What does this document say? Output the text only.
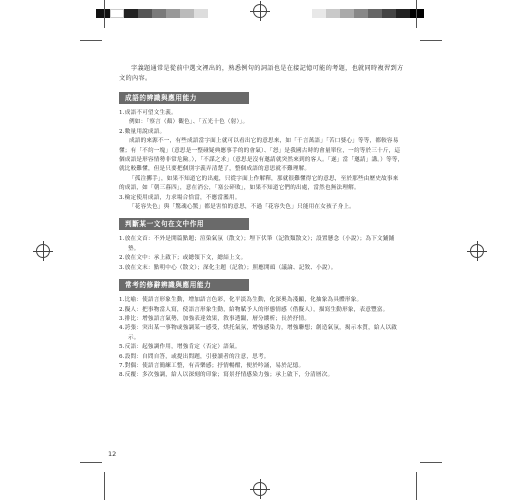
字義題通常是從前中選文裡出的，熟悉例句的詞語也是在接記憶可能的考題，也就同時複習到方文的內容。

成語的辨識與應用能力

1.成語不可望文生義。

例如：「察言（顏）觀色」、「五光十色（射）」。

2.數量用說成語。

成語的來源不一，有些成語當字面上就可以看出它的意思來，如「千言萬語」「苦口婆心」等等，都較容易懂；有「不約一塊」（意思是一整碰疑典應事手的的會氣）、「怒」是我國古時的會量單位，一約等於三十斤，這個成語是形容情勢非常危險。），「不謀之求」（意思是沒有邀請就突然來到的客人。「遂」當「邀請」講。）等等，就比較難懂，但是只要把個別字義弄清楚了，整個成語的意思就不難理解。

「孤注擲手」，如果不知道它的出處，只從字面上作解釋，那就很難懂得它的意思，至於那些由歷史故事來的成語，如「朝三暮四」，意在消公，「塞公碎敗」，如果不知道它們的出處，當然也無法理解。

3.檢定使用成語，力求場合恰當，不應當濫用。

「花容失色」與「驚魂心驚」都是害怕的意思，不過「花容失色」只能用在女孩子身上。

判斷某一文句在文中作用

1.放在文首：不外是開篇點題；渲染氣氛（散文）；埋下伏筆（記敘類散文）；設置懸念（小說）；為下文鋪鋪墊。

2.放在文中：承上啟下；或總領下文，總結上文。

3.放在文末：點明中心（散文）；深化主題（記敘）；照應開頭（議論、記敘、小說）。

常考的修辭辨識與應用能力

1.比喻：使語言形象生動，增加語言色彩，化平淡為生動，化深奧為淺顯，化抽象為具體形象。

2.擬人：把事物當人寫，使語言形象生動，給物賦予人的形態情感（借擬人），描寫生動形象，表意豐富。

3.排比：增強語言氣勢，加強表達效果，敘事透闢，層分縷析；長於抒情。

4.誇張：突出某一事物或強調某一感受，烘托氣氛，增強感染力，增強聯想；創造氣氛，揭示本質，給人以啟示。

5.反語：起強調作用，增強肯定（否定）語氣。

6.設問：自問自答，或提出問題，引發讀者的注意，思考。

7.對偶：使語言簡練工整，有音樂感；抒情暢酣，便於吟誦，易於記憶。

8.反覆：多次強調，給人以深刻的印象；寫景抒情感染力強；承上啟下，分清層次。

12
